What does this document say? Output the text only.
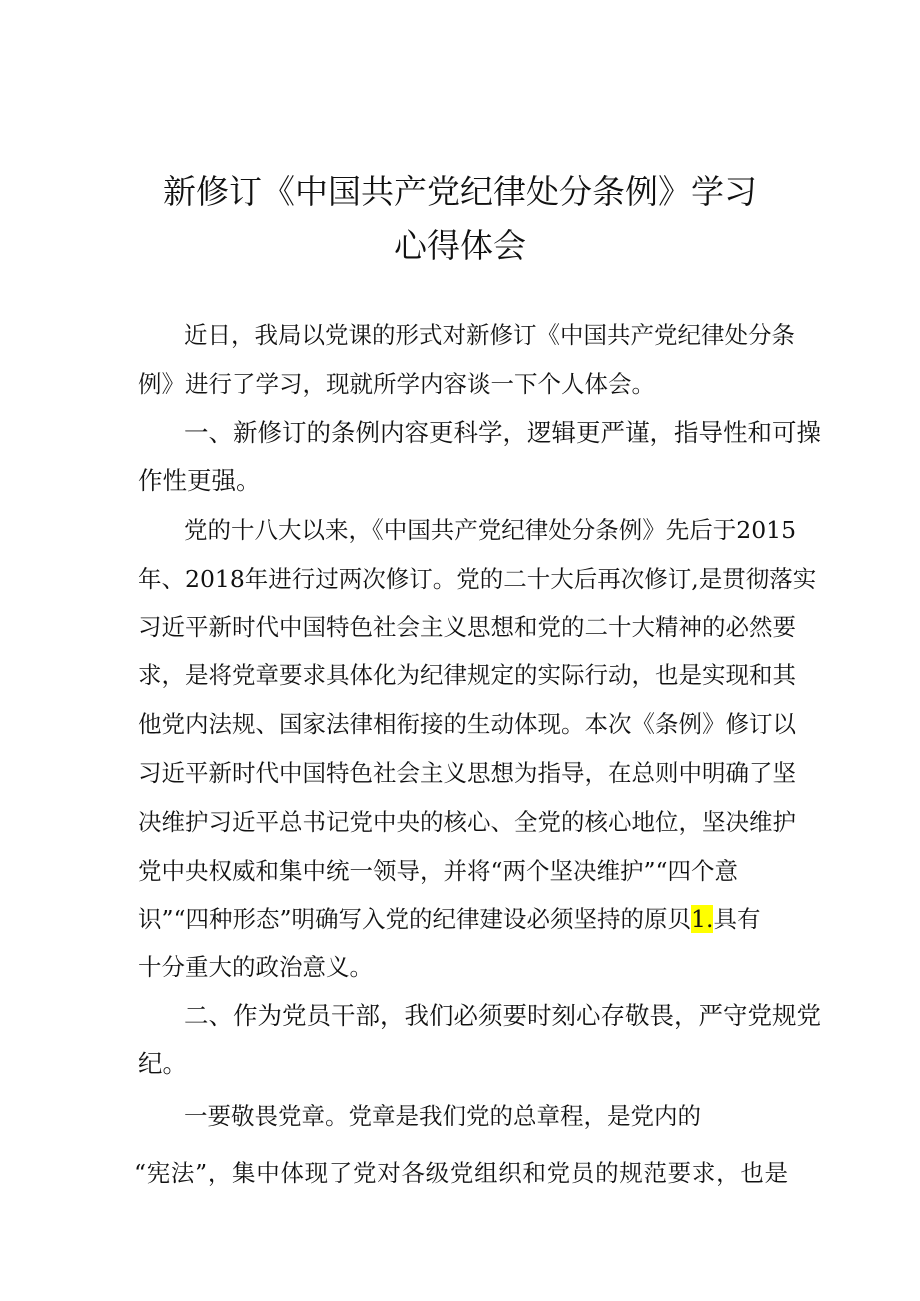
新修订《中国共产党纪律处分条例》学习
心得体会
近日，我局以党课的形式对新修订《中国共产党纪律处分条
例》进行了学习，现就所学内容谈一下个人体会。
一、新修订的条例内容更科学，逻辑更严谨，指导性和可操
作性更强。
党的十八大以来，《中国共产党纪律处分条例》先后于2015
年、2018年进行过两次修订。党的二十大后再次修订,是贯彻落实
习近平新时代中国特色社会主义思想和党的二十大精神的必然要
求，是将党章要求具体化为纪律规定的实际行动，也是实现和其
他党内法规、国家法律相衔接的生动体现。本次《条例》修订以
习近平新时代中国特色社会主义思想为指导，在总则中明确了坚
决维护习近平总书记党中央的核心、全党的核心地位，坚决维护
党中央权威和集中统一领导，并将“两个坚决维护”“四个意
识”“四种形态”明确写入党的纪律建设必须坚持的原贝1.具有
十分重大的政治意义。
二、作为党员干部，我们必须要时刻心存敬畏，严守党规党
纪。
一要敬畏党章。党章是我们党的总章程，是党内的
“宪法”，集中体现了党对各级党组织和党员的规范要求，也是
